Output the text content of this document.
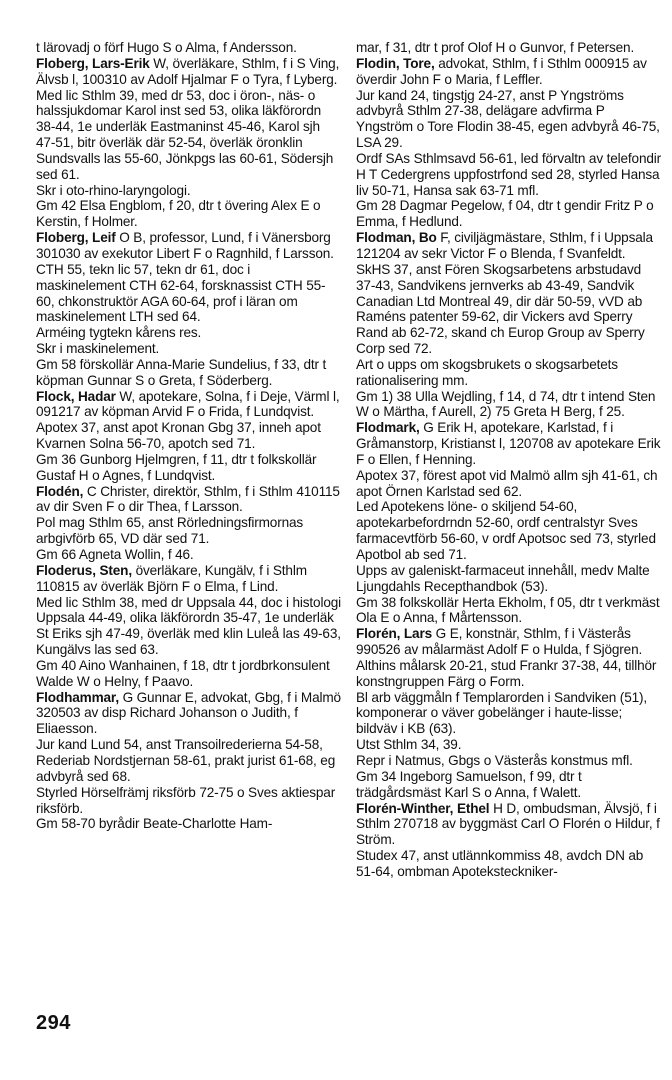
t lärovadj o förf Hugo S o Alma, f Andersson.

Floberg, Lars-Erik W, överläkare, Sthlm, f i S Ving, Älvsb l, 100310 av Adolf Hjalmar F o Tyra, f Lyberg.

Med lic Sthlm 39, med dr 53, doc i öron-, näs- o halssjukdomar Karol inst sed 53, olika läkförordn 38-44, 1e underläk Eastmaninst 45-46, Karol sjh 47-51, bitr överläk där 52-54, överläk öronklin Sundsvalls las 55-60, Jönkpgs las 60-61, Södersjh sed 61.

Skr i oto-rhino-laryngologi.

Gm 42 Elsa Engblom, f 20, dtr t övering Alex E o Kerstin, f Holmer.

Floberg, Leif O B, professor, Lund, f i Vänersborg 301030 av exekutor Libert F o Ragnhild, f Larsson.

CTH 55, tekn lic 57, tekn dr 61, doc i maskinelement CTH 62-64, forsknassist CTH 55-60, chkonstruktör AGA 60-64, prof i läran om maskinelement LTH sed 64.

Arméing tygtekn kårens res.

Skr i maskinelement.

Gm 58 förskollär Anna-Marie Sundelius, f 33, dtr t köpman Gunnar S o Greta, f Söderberg.

Flock, Hadar W, apotekare, Solna, f i Deje, Värml l, 091217 av köpman Arvid F o Frida, f Lundqvist.

Apotex 37, anst apot Kronan Gbg 37, inneh apot Kvarnen Solna 56-70, apotch sed 71.

Gm 36 Gunborg Hjelmgren, f 11, dtr t folkskollär Gustaf H o Agnes, f Lundqvist.

Flodén, C Christer, direktör, Sthlm, f i Sthlm 410115 av dir Sven F o dir Thea, f Larsson.

Pol mag Sthlm 65, anst Rörledningsfirmornas arbgivförb 65, VD där sed 71.

Gm 66 Agneta Wollin, f 46.

Floderus, Sten, överläkare, Kungälv, f i Sthlm 110815 av överläk Björn F o Elma, f Lind.

Med lic Sthlm 38, med dr Uppsala 44, doc i histologi Uppsala 44-49, olika läkförordn 35-47, 1e underläk St Eriks sjh 47-49, överläk med klin Luleå las 49-63, Kungälvs las sed 63.

Gm 40 Aino Wanhainen, f 18, dtr t jordbrkonsulent Walde W o Helny, f Paavo.

Flodhammar, G Gunnar E, advokat, Gbg, f i Malmö 320503 av disp Richard Johanson o Judith, f Eliaesson.

Jur kand Lund 54, anst Transoilrederierna 54-58, Rederiab Nordstjernan 58-61, prakt jurist 61-68, eg advbyrå sed 68.

Styrled Hörselfrämj riksförb 72-75 o Sves aktiespar riksförb.

Gm 58-70 byrådir Beate-Charlotte Ham-

mar, f 31, dtr t prof Olof H o Gunvor, f Petersen.

Flodin, Tore, advokat, Sthlm, f i Sthlm 000915 av överdir John F o Maria, f Leffler.

Jur kand 24, tingstjg 24-27, anst P Yngströms advbyrå Sthlm 27-38, delägare advfirma P Yngström o Tore Flodin 38-45, egen advbyrå 46-75, LSA 29.

Ordf SAs Sthlmsavd 56-61, led förvaltn av telefondir H T Cedergrens uppfostrfond sed 28, styrled Hansa liv 50-71, Hansa sak 63-71 mfl.

Gm 28 Dagmar Pegelow, f 04, dtr t gendir Fritz P o Emma, f Hedlund.

Flodman, Bo F, civiljägmästare, Sthlm, f i Uppsala 121204 av sekr Victor F o Blenda, f Svanfeldt.

SkHS 37, anst Fören Skogsarbetens arbstudavd 37-43, Sandvikens jernverks ab 43-49, Sandvik Canadian Ltd Montreal 49, dir där 50-59, vVD ab Raméns patenter 59-62, dir Vickers avd Sperry Rand ab 62-72, skand ch Europ Group av Sperry Corp sed 72.

Art o upps om skogsbrukets o skogsarbetets rationalisering mm.

Gm 1) 38 Ulla Wejdling, f 14, d 74, dtr t intend Sten W o Märtha, f Aurell, 2) 75 Greta H Berg, f 25.

Flodmark, G Erik H, apotekare, Karlstad, f i Gråmanstorp, Kristianst l, 120708 av apotekare Erik F o Ellen, f Henning.

Apotex 37, förest apot vid Malmö allm sjh 41-61, ch apot Örnen Karlstad sed 62.

Led Apotekens löne- o skiljend 54-60, apotekarbefordrndn 52-60, ordf centralstyr Sves farmacevtförb 56-60, v ordf Apotsoc sed 73, styrled Apotbol ab sed 71.

Upps av galeniskt-farmaceut innehåll, medv Malte Ljungdahls Recepthandbok (53).

Gm 38 folkskollär Herta Ekholm, f 05, dtr t verkmäst Ola E o Anna, f Mårtensson.

Florén, Lars G E, konstnär, Sthlm, f i Västerås 990526 av målarmäst Adolf F o Hulda, f Sjögren.

Althins målarsk 20-21, stud Frankr 37-38, 44, tillhör konstngruppen Färg o Form.

Bl arb väggmåln f Templarorden i Sandviken (51), komponerar o väver gobelänger i haute-lisse; bildväv i KB (63).

Utst Sthlm 34, 39.

Repr i Natmus, Gbgs o Västerås konstmus mfl.

Gm 34 Ingeborg Samuelson, f 99, dtr t trädgårdsmäst Karl S o Anna, f Walett.

Florén-Winther, Ethel H D, ombudsman, Älvsjö, f i Sthlm 270718 av byggmäst Carl O Florén o Hildur, f Ström.

Studex 47, anst utlännkommiss 48, avdch DN ab 51-64, ombman Apoteksteckniker-

294
